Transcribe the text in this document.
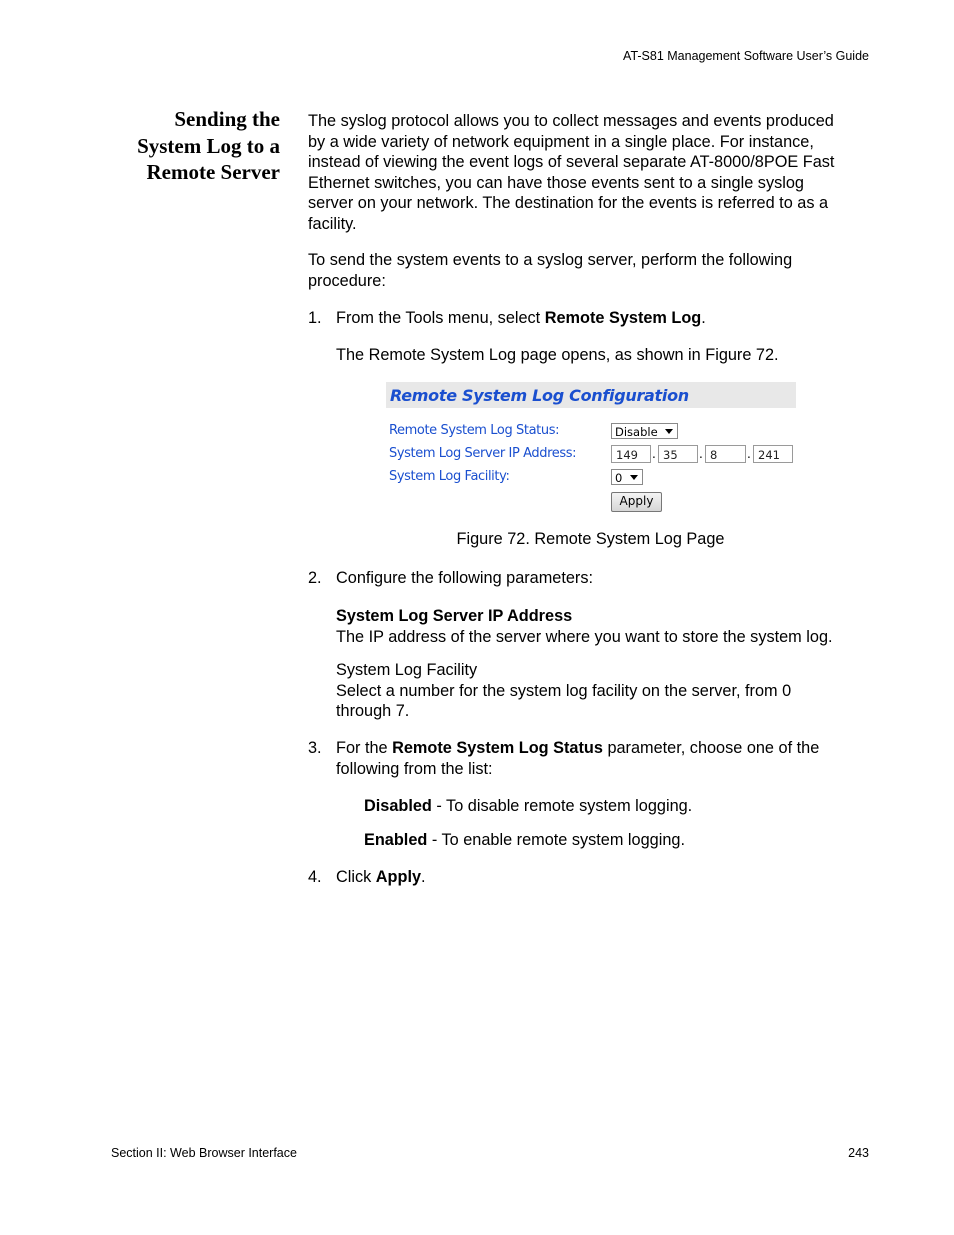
AT-S81 Management Software User’s Guide
Sending the
System Log to a
Remote Server
The syslog protocol allows you to collect messages and events produced
by a wide variety of network equipment in a single place. For instance,
instead of viewing the event logs of several separate AT-8000/8POE Fast
Ethernet switches, you can have those events sent to a single syslog
server on your network. The destination for the events is referred to as a
facility.
To send the system events to a syslog server, perform the following
procedure:
1. From the Tools menu, select Remote System Log.
The Remote System Log page opens, as shown in Figure 72.
Remote System Log Configuration
Remote System Log Status:	Disable
System Log Server IP Address:	149	. 35	. 8	. 241
System Log Facility:	0
Apply
Figure 72. Remote System Log Page
2. Configure the following parameters:
System Log Server IP Address
The IP address of the server where you want to store the system log.
System Log Facility
Select a number for the system log facility on the server, from 0
through 7.
3. For the Remote System Log Status parameter, choose one of the
following from the list:
Disabled - To disable remote system logging.
Enabled - To enable remote system logging.
4. Click Apply.
Section II: Web Browser Interface	243
